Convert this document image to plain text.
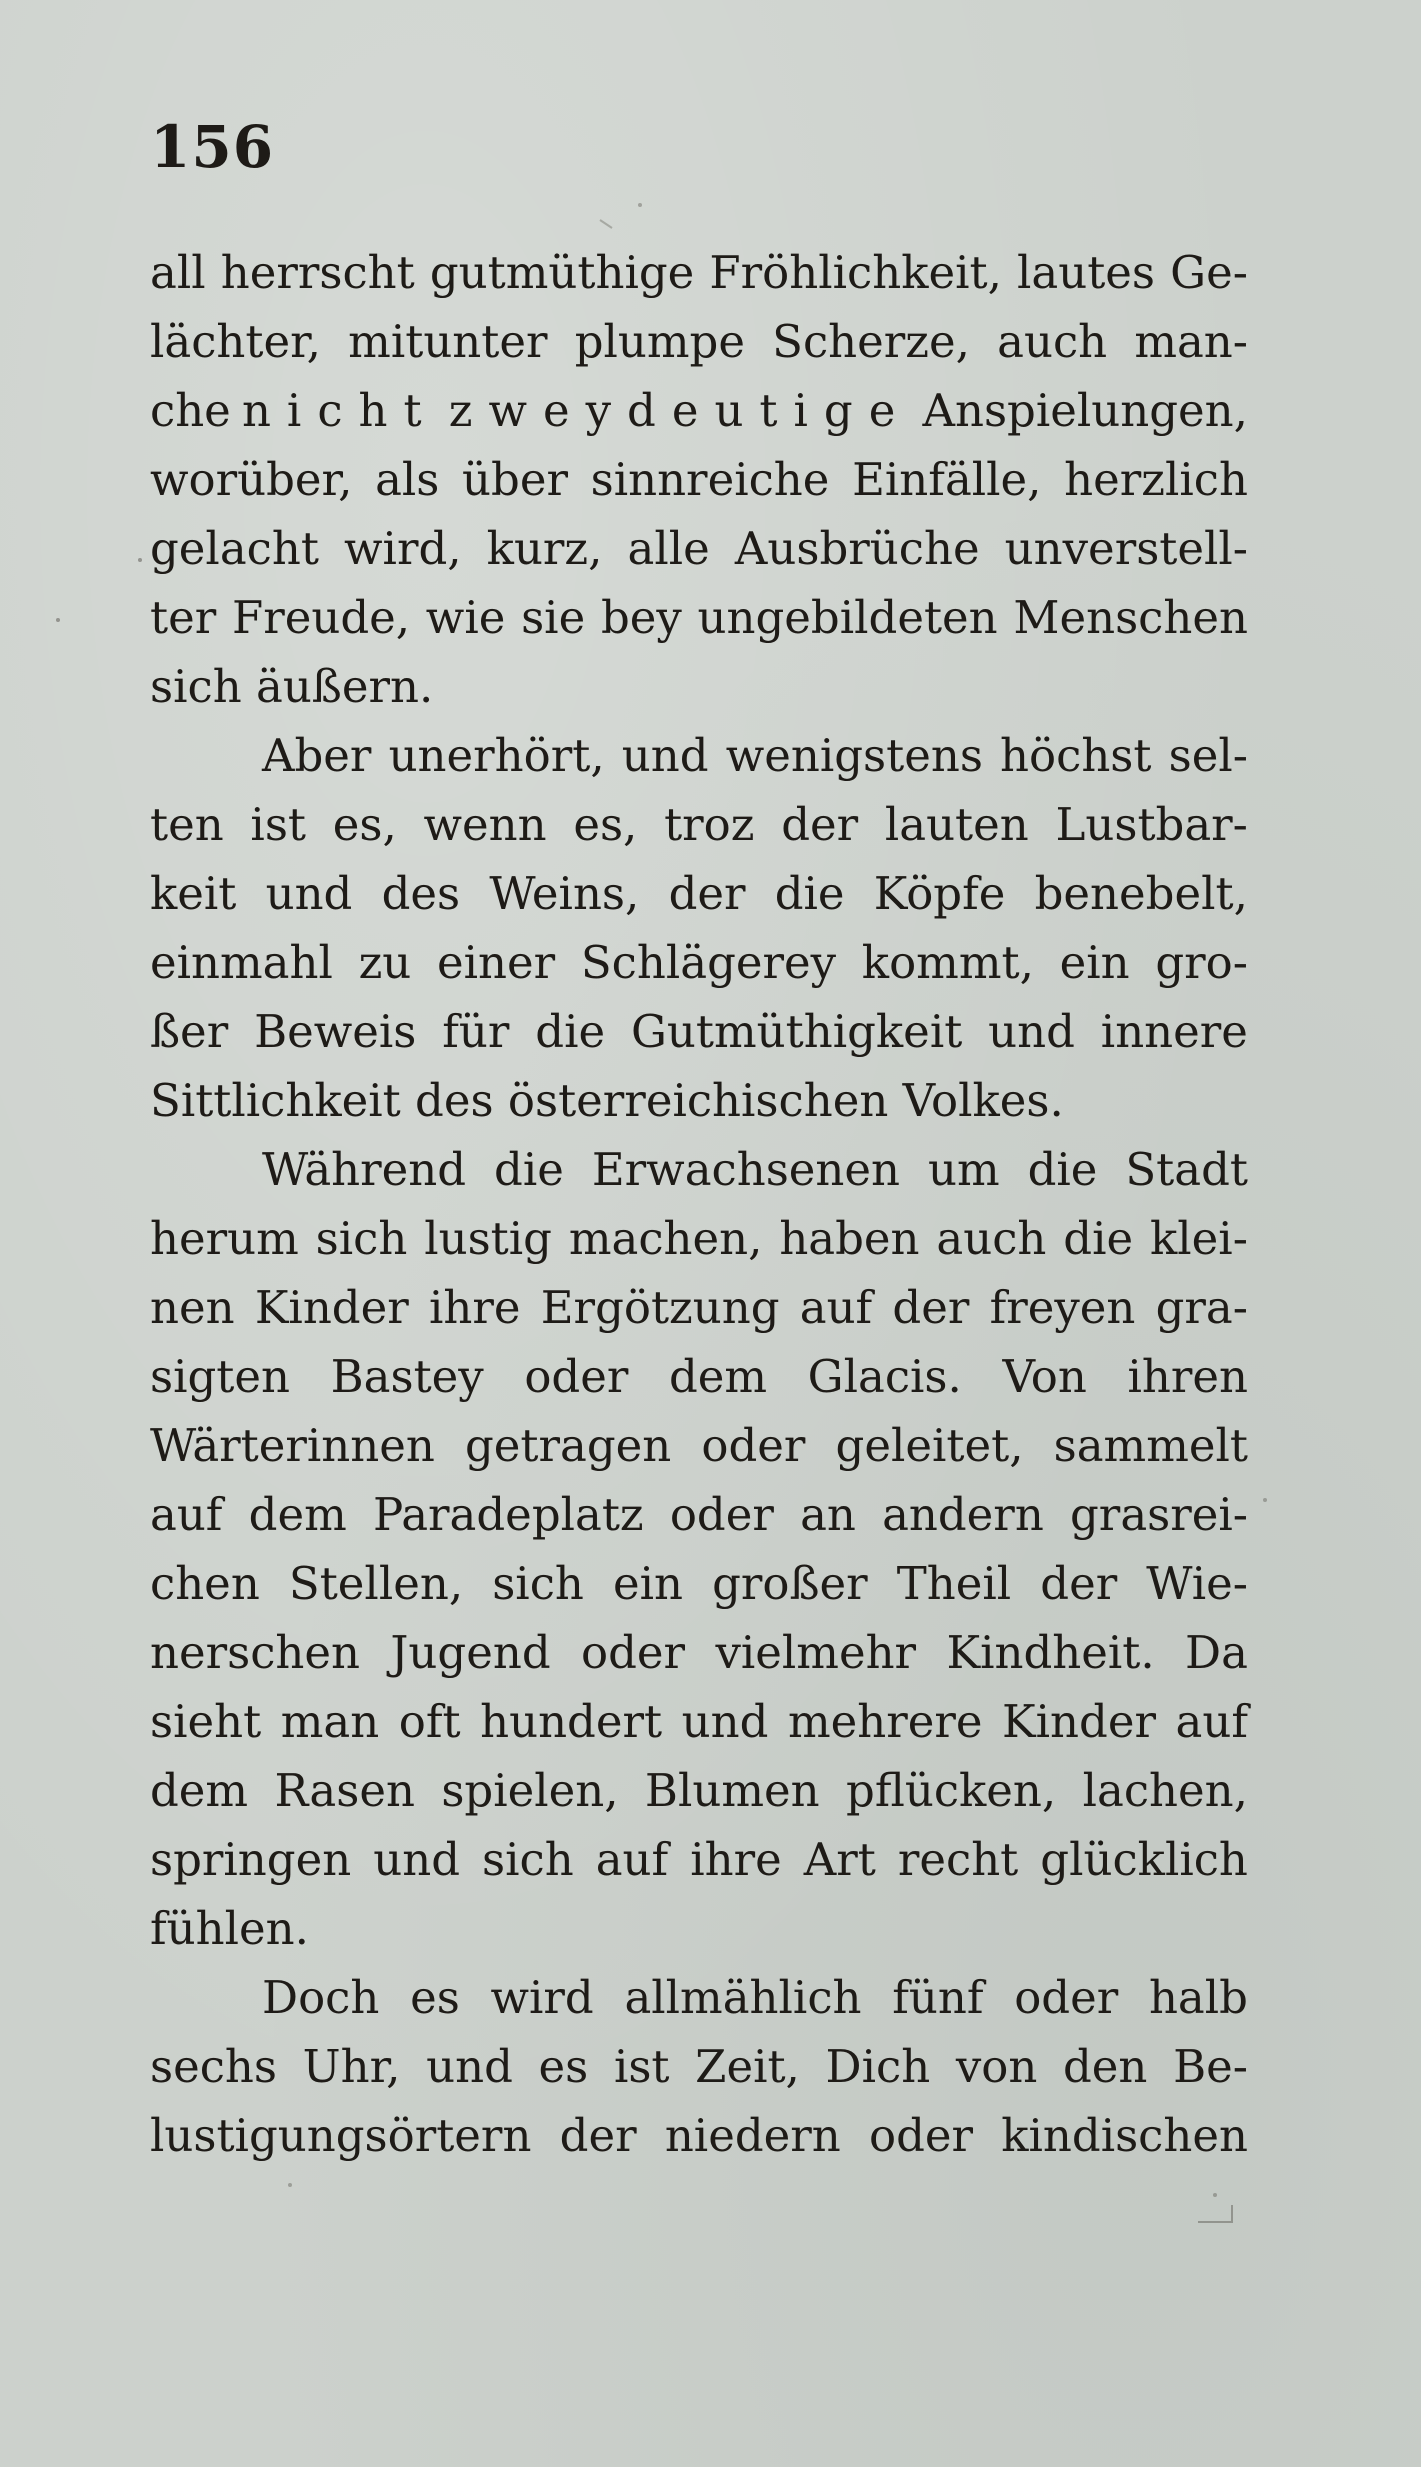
156
all herrscht gutmüthige Fröhlichkeit, lautes Ge-
lächter, mitunter plumpe Scherze, auch man-
che nicht zweydeutige Anspielungen,
worüber, als über sinnreiche Einfälle, herzlich
gelacht wird, kurz, alle Ausbrüche unverstell-
ter Freude, wie sie bey ungebildeten Menschen
sich
äußern.
Aber unerhört, und wenigstens höchst sel-
ten ist es, wenn es, troz der lauten Lustbar-
keit und des Weins, der die Köpfe benebelt,
einmahl zu einer Schlägerey kommt, ein gro-
ßer Beweis für die Gutmüthigkeit und innere
Sittlichkeit
des
österreichischen
Volkes.
Während die Erwachsenen um die Stadt
herum sich lustig machen, haben auch die klei-
nen Kinder ihre Ergötzung auf der freyen gra-
sigten Bastey oder dem Glacis. Von ihren
Wärterinnen getragen oder geleitet, sammelt
auf dem Paradeplatz oder an andern grasrei-
chen Stellen, sich ein großer Theil der Wie-
nerschen Jugend oder vielmehr Kindheit. Da
sieht man oft hundert und mehrere Kinder auf
dem Rasen spielen, Blumen pflücken, lachen,
springen und sich auf ihre Art recht glücklich
fühlen.
Doch es wird allmählich fünf oder halb
sechs Uhr, und es ist Zeit, Dich von den Be-
lustigungsörtern der niedern oder kindischen
